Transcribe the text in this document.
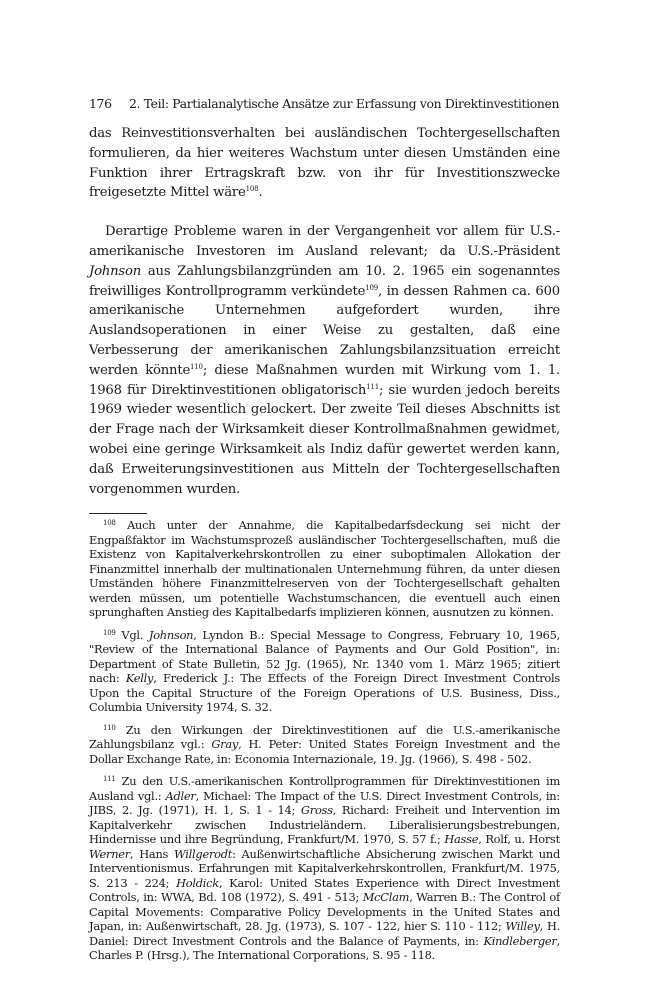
176	2. Teil: Partialanalytische Ansätze zur Erfassung von Direktinvestitionen

das Reinvestitionsverhalten bei ausländischen Tochtergesellschaften formulieren, da hier weiteres Wachstum unter diesen Umständen eine Funktion ihrer Ertragskraft bzw. von ihr für Investitionszwecke freigesetzte Mittel wäre$^{108}$.

Derartige Probleme waren in der Vergangenheit vor allem für U.S.-amerikanische Investoren im Ausland relevant; da U.S.-Präsident Johnson aus Zahlungsbilanzgründen am 10. 2. 1965 ein sogenanntes freiwilliges Kontrollprogramm verkündete$^{109}$, in dessen Rahmen ca. 600 amerikanische Unternehmen aufgefordert wurden, ihre Auslandsoperationen in einer Weise zu gestalten, daß eine Verbesserung der amerikanischen Zahlungsbilanzsituation erreicht werden könnte$^{110}$; diese Maßnahmen wurden mit Wirkung vom 1. 1. 1968 für Direktinvestitionen obligatorisch$^{111}$; sie wurden jedoch bereits 1969 wieder wesentlich gelockert. Der zweite Teil dieses Abschnitts ist der Frage nach der Wirksamkeit dieser Kontrollmaßnahmen gewidmet, wobei eine geringe Wirksamkeit als Indiz dafür gewertet werden kann, daß Erweiterungsinvestitionen aus Mitteln der Tochtergesellschaften vorgenommen wurden.

$^{108}$ Auch unter der Annahme, die Kapitalbedarfsdeckung sei nicht der Engpaßfaktor im Wachstumsprozeß ausländischer Tochtergesellschaften, muß die Existenz von Kapitalverkehrskontrollen zu einer suboptimalen Allokation der Finanzmittel innerhalb der multinationalen Unternehmung führen, da unter diesen Umständen höhere Finanzmittelreserven von der Tochtergesellschaft gehalten werden müssen, um potentielle Wachstumschancen, die eventuell auch einen sprunghaften Anstieg des Kapitalbedarfs implizieren können, ausnutzen zu können.

$^{109}$ Vgl. Johnson, Lyndon B.: Special Message to Congress, February 10, 1965, "Review of the International Balance of Payments and Our Gold Position", in: Department of State Bulletin, 52 Jg. (1965), Nr. 1340 vom 1. März 1965; zitiert nach: Kelly, Frederick J.: The Effects of the Foreign Direct Investment Controls Upon the Capital Structure of the Foreign Operations of U.S. Business, Diss., Columbia University 1974, S. 32.

$^{110}$ Zu den Wirkungen der Direktinvestitionen auf die U.S.-amerikanische Zahlungsbilanz vgl.: Gray, H. Peter: United States Foreign Investment and the Dollar Exchange Rate, in: Economia Internazionale, 19. Jg. (1966), S. 498 - 502.

$^{111}$ Zu den U.S.-amerikanischen Kontrollprogrammen für Direktinvestitionen im Ausland vgl.: Adler, Michael: The Impact of the U.S. Direct Investment Controls, in: JIBS, 2. Jg. (1971), H. 1, S. 1 - 14; Gross, Richard: Freiheit und Intervention im Kapitalverkehr zwischen Industrieländern. Liberalisierungsbestrebungen, Hindernisse und ihre Begründung, Frankfurt/M. 1970, S. 57 f.; Hasse, Rolf, u. Horst Werner, Hans Willgerodt: Außenwirtschaftliche Absicherung zwischen Markt und Interventionismus. Erfahrungen mit Kapitalverkehrskontrollen, Frankfurt/M. 1975, S. 213 - 224; Holdick, Karol: United States Experience with Direct Investment Controls, in: WWA, Bd. 108 (1972), S. 491 - 513; McClam, Warren B.: The Control of Capital Movements: Comparative Policy Developments in the United States and Japan, in: Außenwirtschaft, 28. Jg. (1973), S. 107 - 122, hier S. 110 - 112; Willey, H. Daniel: Direct Investment Controls and the Balance of Payments, in: Kindleberger, Charles P. (Hrsg.), The International Corporations, S. 95 - 118.
